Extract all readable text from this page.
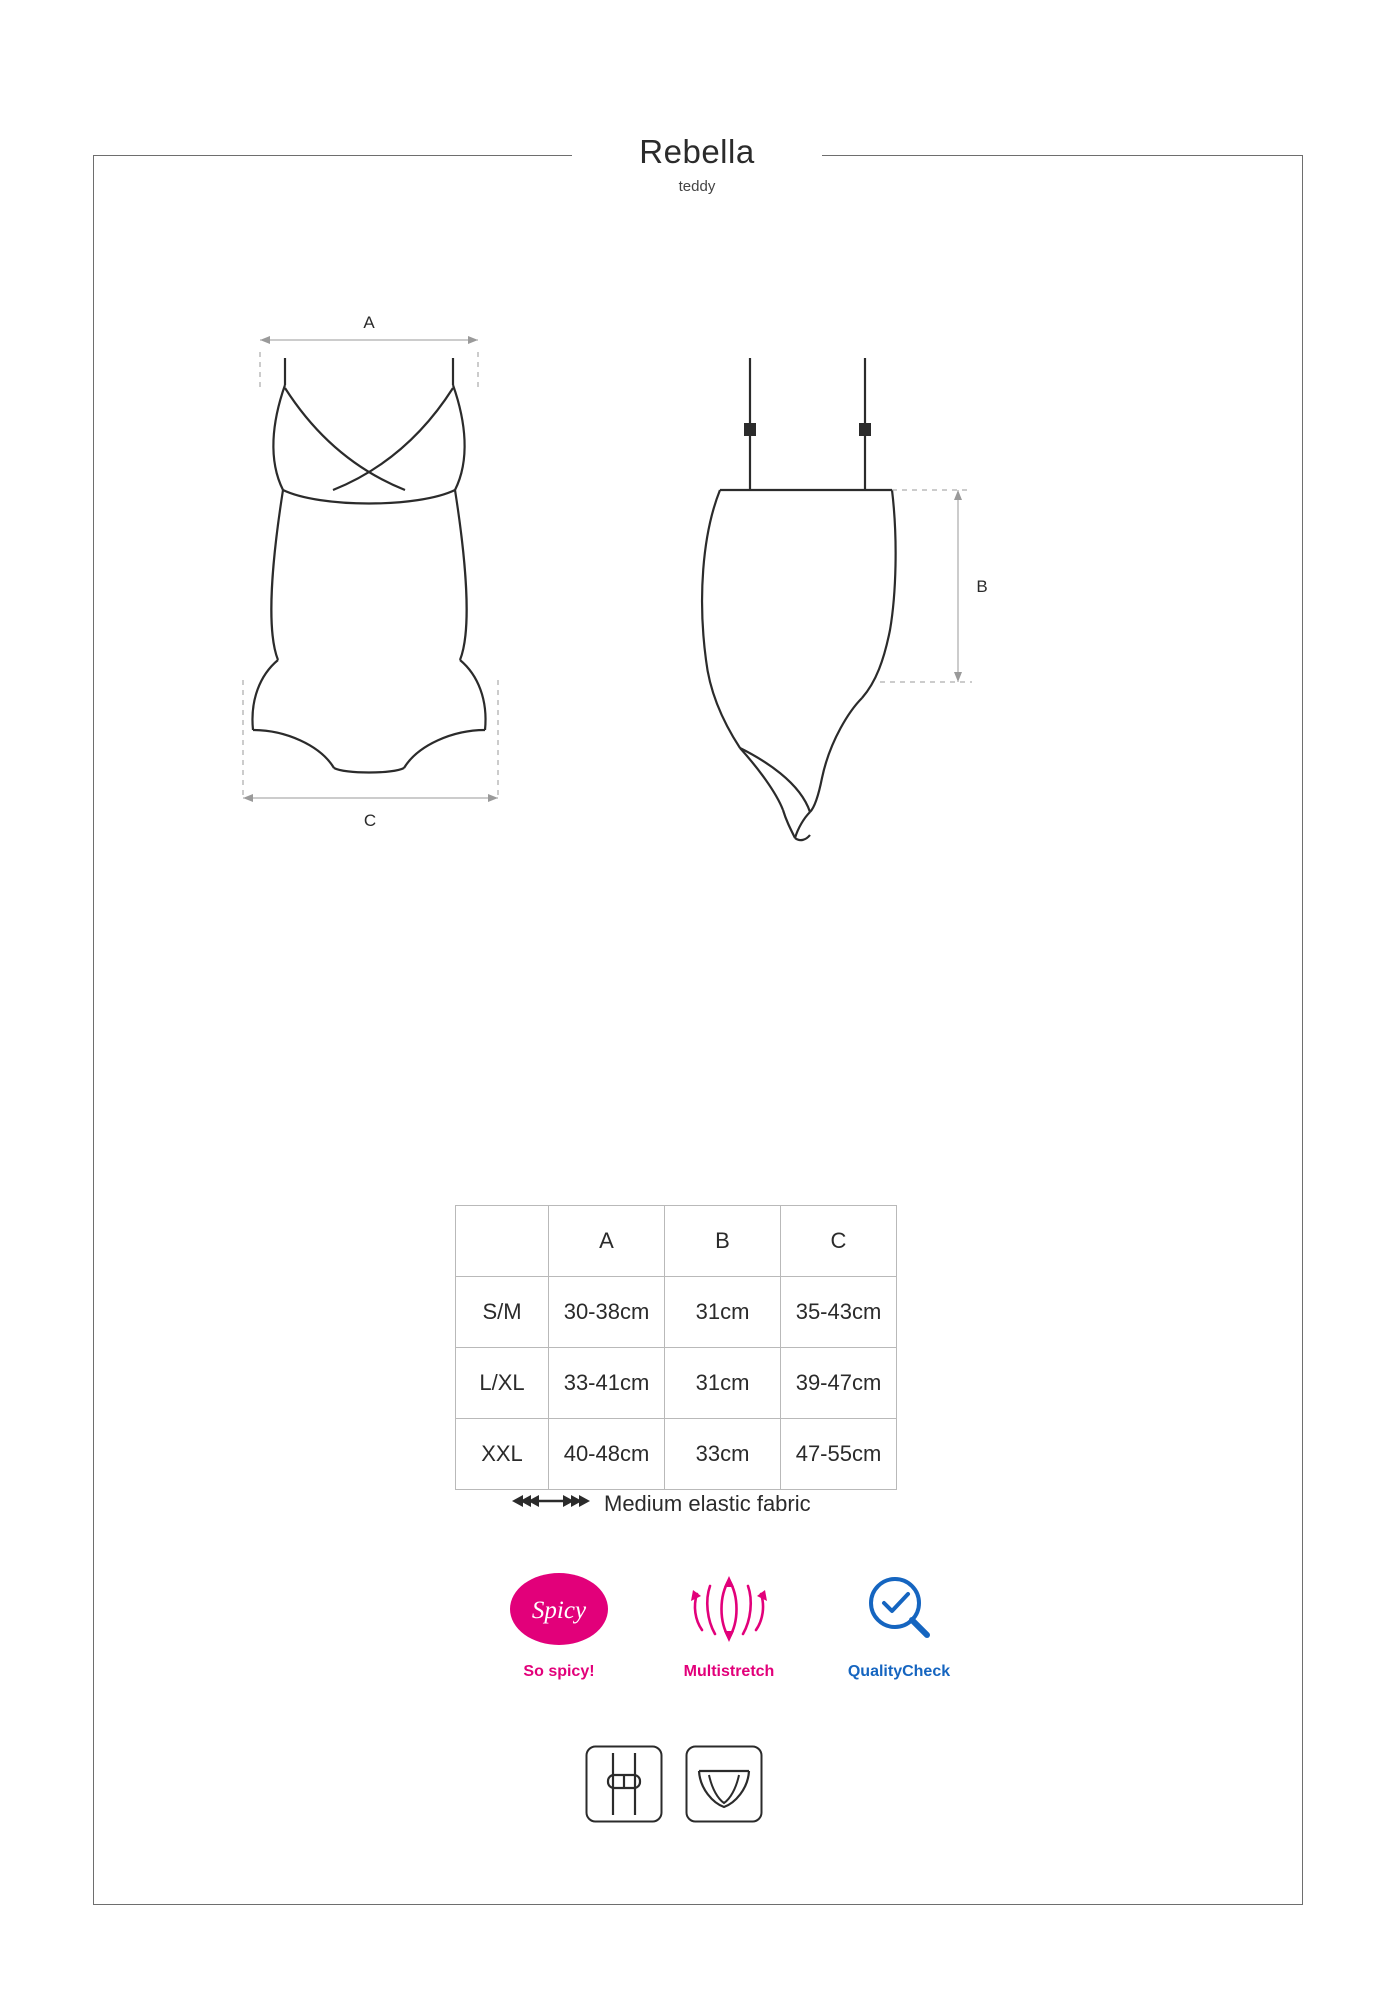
Rebella
teddy
A
C
B
	A	B	C
S/M	30-38cm	31cm	35-43cm
L/XL	33-41cm	31cm	39-47cm
XXL	40-48cm	33cm	47-55cm
Medium elastic fabric
Spicy
So spicy!	Multistretch	QualityCheck
